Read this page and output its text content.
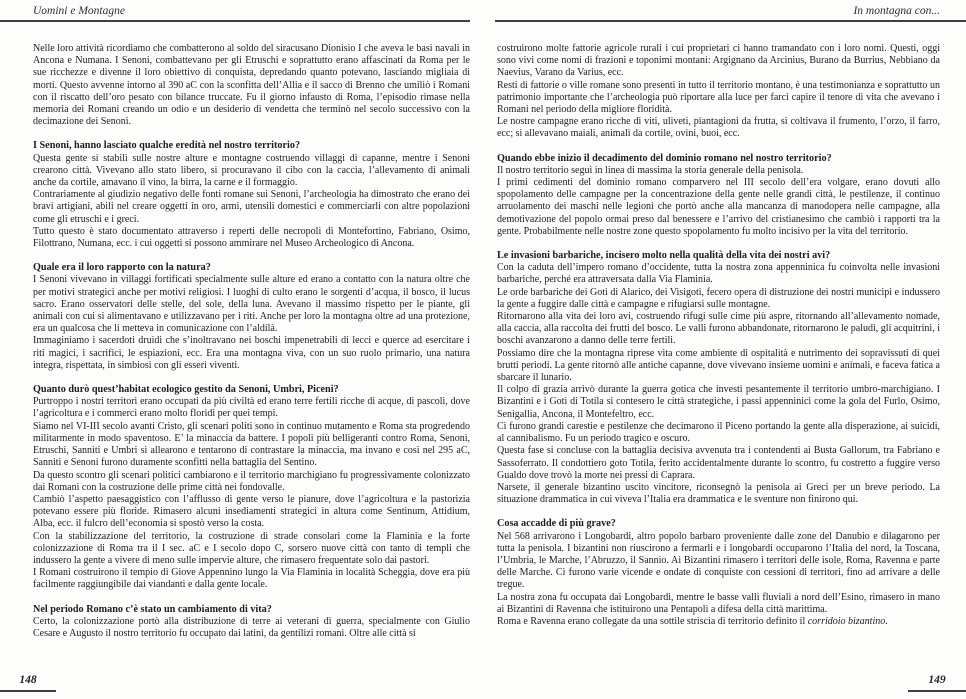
Uomini e Montagne

Nelle loro attività ricordiamo che combatterono al soldo del siracusano Dionisio I che aveva le basi navali in Ancona e Numana. I Senoni, combattevano per gli Etruschi e soprattutto erano affascinati da Roma per le sue ricchezze e divenne il loro obiettivo di conquista, depredando quanto potevano, lasciando migliaia di morti. Questo avvenne intorno al 390 aC con la sconfitta dell’Allia e il sacco di Brenno che umiliò i Romani con il riscatto dell’oro pesato con bilance truccate. Fu il giorno infausto di Roma, l’episodio rimase nella memoria dei Romani creando un odio e un desiderio di vendetta che terminò nel secolo successivo con la decimazione dei Senoni.

I Senoni, hanno lasciato qualche eredità nel nostro territorio?

Questa gente si stabilì sulle nostre alture e montagne costruendo villaggi di capanne, mentre i Senoni crearono città. Vivevano allo stato libero, si procuravano il cibo con la caccia, l’allevamento di animali anche da cortile, amavano il vino, la birra, la carne e il formaggio.

Contrariamente al giudizio negativo delle fonti romane sui Senoni, l’archeologia ha dimostrato che erano dei bravi artigiani, abili nel creare oggetti in oro, armi, utensili domestici e commerciarli con altre popolazioni come gli etruschi e i greci.

Tutto questo è stato documentato attraverso i reperti delle necropoli di Montefortino, Fabriano, Osimo, Filottrano, Numana, ecc. i cui oggetti si possono ammirare nel Museo Archeologico di Ancona.

Quale era il loro rapporto con la natura?

I Senoni vivevano in villaggi fortificati specialmente sulle alture ed erano a contatto con la natura oltre che per motivi strategici anche per motivi religiosi. I luoghi di culto erano le sorgenti d’acqua, il bosco, il lucus sacro. Erano osservatori delle stelle, del sole, della luna. Avevano il massimo rispetto per le piante, gli animali con cui si alimentavano e utilizzavano per i riti. Anche per loro la montagna oltre ad una protezione, era un qualcosa che li metteva in comunicazione con l’aldilà.

Immaginiamo i sacerdoti druidi che s’inoltravano nei boschi impenetrabili di lecci e querce ad esercitare i riti magici, i sacrifici, le espiazioni, ecc. Era una montagna viva, con un suo ruolo primario, una natura integra, rispettata, in simbiosi con gli esseri viventi.

Quanto durò quest’habitat ecologico gestito da Senoni, Umbri, Piceni?

Purtroppo i nostri territori erano occupati da più civiltà ed erano terre fertili ricche di acque, di pascoli, dove l’agricoltura e i commerci erano molto floridi per quei tempi.

Siamo nel VI-III secolo avanti Cristo, gli scenari politi sono in continuo mutamento e Roma sta progredendo militarmente in modo spaventoso. E’ la minaccia da battere. I popoli più belligeranti contro Roma, Senoni, Etruschi, Sanniti e Umbri si allearono e tentarono di contrastare la minaccia, ma invano e così nel 295 aC, Sanniti e Senoni furono duramente sconfitti nella battaglia del Sentino.

Da questo scontro gli scenari politici cambiarono e il territorio marchigiano fu progressivamente colonizzato dai Romani con la costruzione delle prime città nei fondovalle.

Cambiò l’aspetto paesaggistico con l’afflusso di gente verso le pianure, dove l’agricoltura e la pastorizia potevano essere più floride. Rimasero alcuni insediamenti strategici in altura come Sentinum, Attidium, Alba, ecc. il fulcro dell’economia si spostò verso la costa.

Con la stabilizzazione del territorio, la costruzione di strade consolari come la Flaminia e la forte colonizzazione di Roma tra il I sec. aC e I secolo dopo C, sorsero nuove città con tanto di templi che indussero la gente a vivere di meno sulle impervie alture, che rimasero frequentate solo dai pastori.

I Romani costruirono il tempio di Giove Appennino lungo la Via Flaminia in località Scheggia, dove era più facilmente raggiungibile dai viandanti e dalla gente locale.

Nel periodo Romano c’è stato un cambiamento di vita?

Certo, la colonizzazione portò alla distribuzione di terre ai veterani di guerra, specialmente con Giulio Cesare e Augusto il nostro territorio fu occupato dai latini, da gentilizi romani. Oltre alle città si

148
In montagna con...

costruirono molte fattorie agricole rurali i cui proprietari ci hanno tramandato con i loro nomi. Questi, oggi sono vivi come nomi di frazioni e toponimi montani: Argignano da Arcinius, Burano da Burrius, Nebbiano da Naevius, Varano da Varius, ecc.

Resti di fattorie o ville romane sono presenti in tutto il territorio montano, è una testimonianza e soprattutto un patrimonio importante che l’archeologia può riportare alla luce per farci capire il tenore di vita che avevano i Romani nel periodo della migliore floridità.

Le nostre campagne erano ricche di viti, uliveti, piantagioni da frutta, si coltivava il frumento, l’orzo, il farro, ecc; si allevavano maiali, animali da cortile, ovini, buoi, ecc.

Quando ebbe inizio il decadimento del dominio romano nel nostro territorio?

Il nostro territorio seguì in linea di massima la storia generale della penisola.

I primi cedimenti del dominio romano comparvero nel III secolo dell’era volgare, erano dovuti allo spopolamento delle campagne per la concentrazione della gente nelle grandi città, le pestilenze, il continuo arruolamento dei maschi nelle legioni che portò anche alla mancanza di manodopera nelle campagne, alla demotivazione del popolo ormai preso dal benessere e l’arrivo del cristianesimo che cambiò i rapporti tra la gente. Probabilmente nelle nostre zone questo spopolamento fu molto incisivo per la vita del territorio.

Le invasioni barbariche, incisero molto nella qualità della vita dei nostri avi?

Con la caduta dell’impero romano d’occidente, tutta la nostra zona appenninica fu coinvolta nelle invasioni barbariche, perché era attraversata dalla Via Flaminia.

Le orde barbariche dei Goti di Alarico, dei Visigoti, fecero opera di distruzione dei nostri municipi e indussero la gente a fuggire dalle città e campagne e rifugiarsi sulle montagne.

Ritornarono alla vita dei loro avi, costruendo rifugi sulle cime più aspre, ritornando all’allevamento nomade, alla caccia, alla raccolta dei frutti del bosco. Le valli furono abbandonate, ritornarono le paludi, gli acquitrini, i boschi avanzarono a danno delle terre fertili.

Possiamo dire che la montagna riprese vita come ambiente di ospitalità e nutrimento dei sopravissuti di quei brutti periodi. La gente ritornò alle antiche capanne, dove vivevano insieme uomini e animali, e faceva fatica a sbarcare il lunario.

Il colpo di grazia arrivò durante la guerra gotica che investì pesantemente il territorio umbro-marchigiano. I Bizantini e i Goti di Totila si contesero le città strategiche, i passi appenninici come la gola del Furlo, Osimo, Senigallia, Ancona, il Montefeltro, ecc.

Ci furono grandi carestie e pestilenze che decimarono il Piceno portando la gente alla disperazione, ai suicidi, al cannibalismo. Fu un periodo tragico e oscuro.

Questa fase si concluse con la battaglia decisiva avvenuta tra i contendenti ai Busta Gallorum, tra Fabriano e Sassoferrato. Il condottiero goto Totila, ferito accidentalmente durante lo scontro, fu costretto a fuggire verso Gualdo dove trovò la morte nei pressi di Caprara.

Narsete, il generale bizantino uscito vincitore, riconsegnò la penisola ai Greci per un breve periodo. La situazione drammatica in cui viveva l’Italia era drammatica e le sventure non finirono qui.

Cosa accadde di più grave?

Nel 568 arrivarono i Longobardi, altro popolo barbaro proveniente dalle zone del Danubio e dilagarono per tutta la penisola. I bizantini non riuscirono a fermarli e i longobardi occuparono l’Italia del nord, la Toscana, l’Umbria, le Marche, l’Abruzzo, il Sannio. Ai Bizantini rimasero i territori delle isole, Roma, Ravenna e parte delle Marche. Ci furono varie vicende e ondate di conquiste con cessioni di territori, fino ad arrivare a delle tregue.

La nostra zona fu occupata dai Longobardi, mentre le basse valli fluviali a nord dell’Esino, rimasero in mano ai Bizantini di Ravenna che istituirono una Pentapoli a difesa della città marittima.

Roma e Ravenna erano collegate da una sottile striscia di territorio definito il corridoio bizantino.

149
